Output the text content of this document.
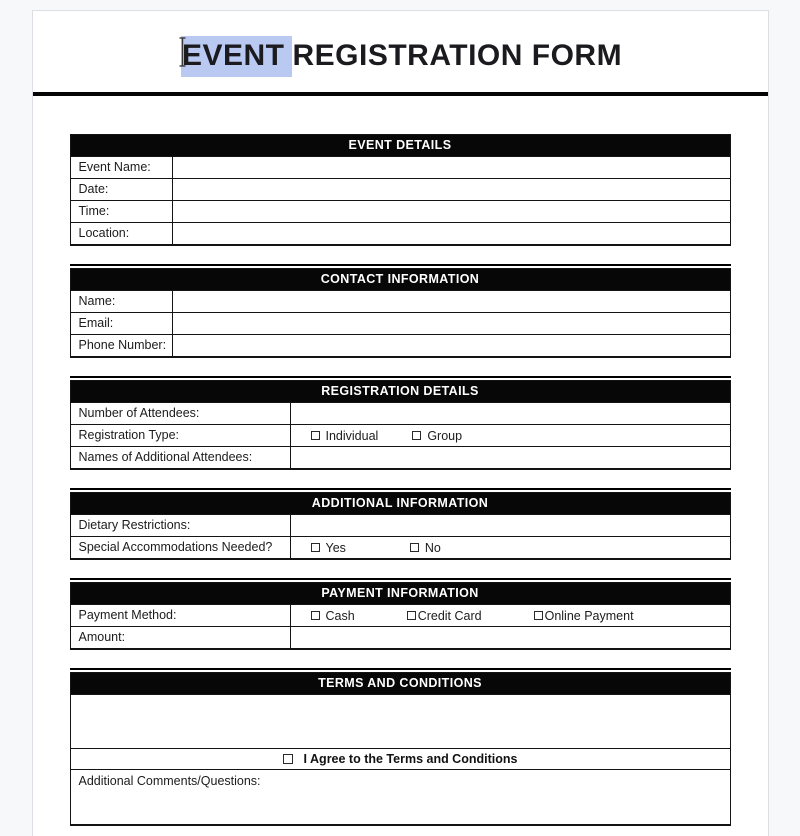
EVENT REGISTRATION FORM
EVENT DETAILS
Event Name:
Date:
Time:
Location:
CONTACT INFORMATION
Name:
Email:
Phone Number:
REGISTRATION DETAILS
Number of Attendees:
Registration Type:	Individual	Group
Names of Additional Attendees:
ADDITIONAL INFORMATION
Dietary Restrictions:
Special Accommodations Needed?	Yes	No
PAYMENT INFORMATION
Payment Method:	Cash	Credit Card	Online Payment
Amount:
TERMS AND CONDITIONS
I Agree to the Terms and Conditions
Additional Comments/Questions:
